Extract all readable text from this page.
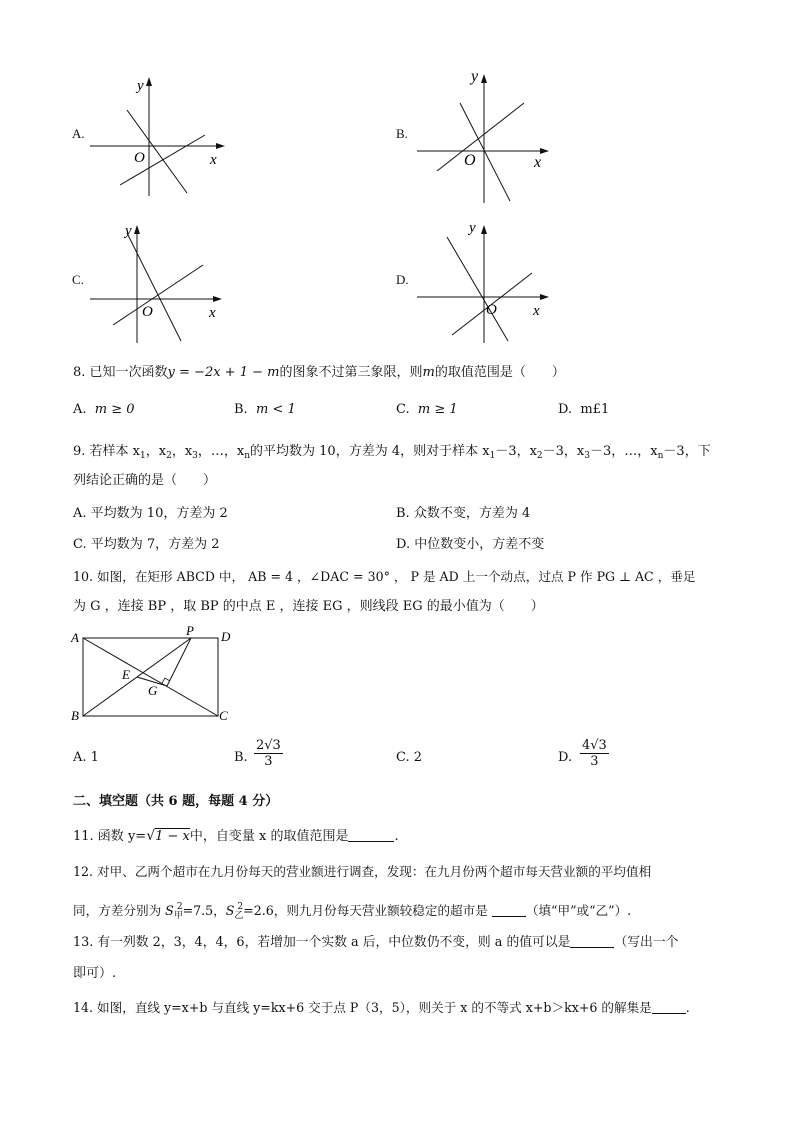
A.
y
x
O
B.
y
x
O
C.
y
x
O
D.
y
x
O
8. 已知一次函数y = −2x + 1 − m的图象不过第三象限，则m的取值范围是（　　）
A. m ≥ 0	B. m < 1	C. m ≥ 1	D. m£1
9. 若样本 $x_1$，$x_2$，$x_3$，…，$x_n$的平均数为 10，方差为 4，则对于样本 $x_1-3$，$x_2-3$，$x_3-3$，…，$x_n-3$，下
列结论正确的是（　　）
A. 平均数为 10，方差为 2	B. 众数不变，方差为 4
C. 平均数为 7，方差为 2	D. 中位数变小，方差不变
10. 如图，在矩形 ABCD 中， AB = 4 ，∠DAC = 30° ， P 是 AD 上一个动点，过点 P 作 PG ⊥ AC ，垂足
为 G ，连接 BP ，取 BP 的中点 E ，连接 EG ，则线段 EG 的最小值为（　　）
A
B	C
D
P
E
G
A. 1	B. $\frac{2√3}{3}$	C. 2	D. $\frac{4√3}{3}$
二、填空题（共 6 题，每题 4 分）
11. 函数 y=√1 − x中，自变量 x 的取值范围是	.
12. 对甲、乙两个超市在九月份每天的营业额进行调查，发现：在九月份两个超市每天营业额的平均值相
同，方差分别为 $S_甲^2=7.5$，$S_乙^2=2.6$，则九月份每天营业额较稳定的超市是	（填“甲”或“乙”）.
13. 有一列数 2，3，4，4，6，若增加一个实数 a 后，中位数仍不变，则 a 的值可以是	（写出一个
即可）.
14. 如图，直线 y=x+b 与直线 y=kx+6 交于点 P（3，5），则关于 x 的不等式 x+b＞kx+6 的解集是	.
